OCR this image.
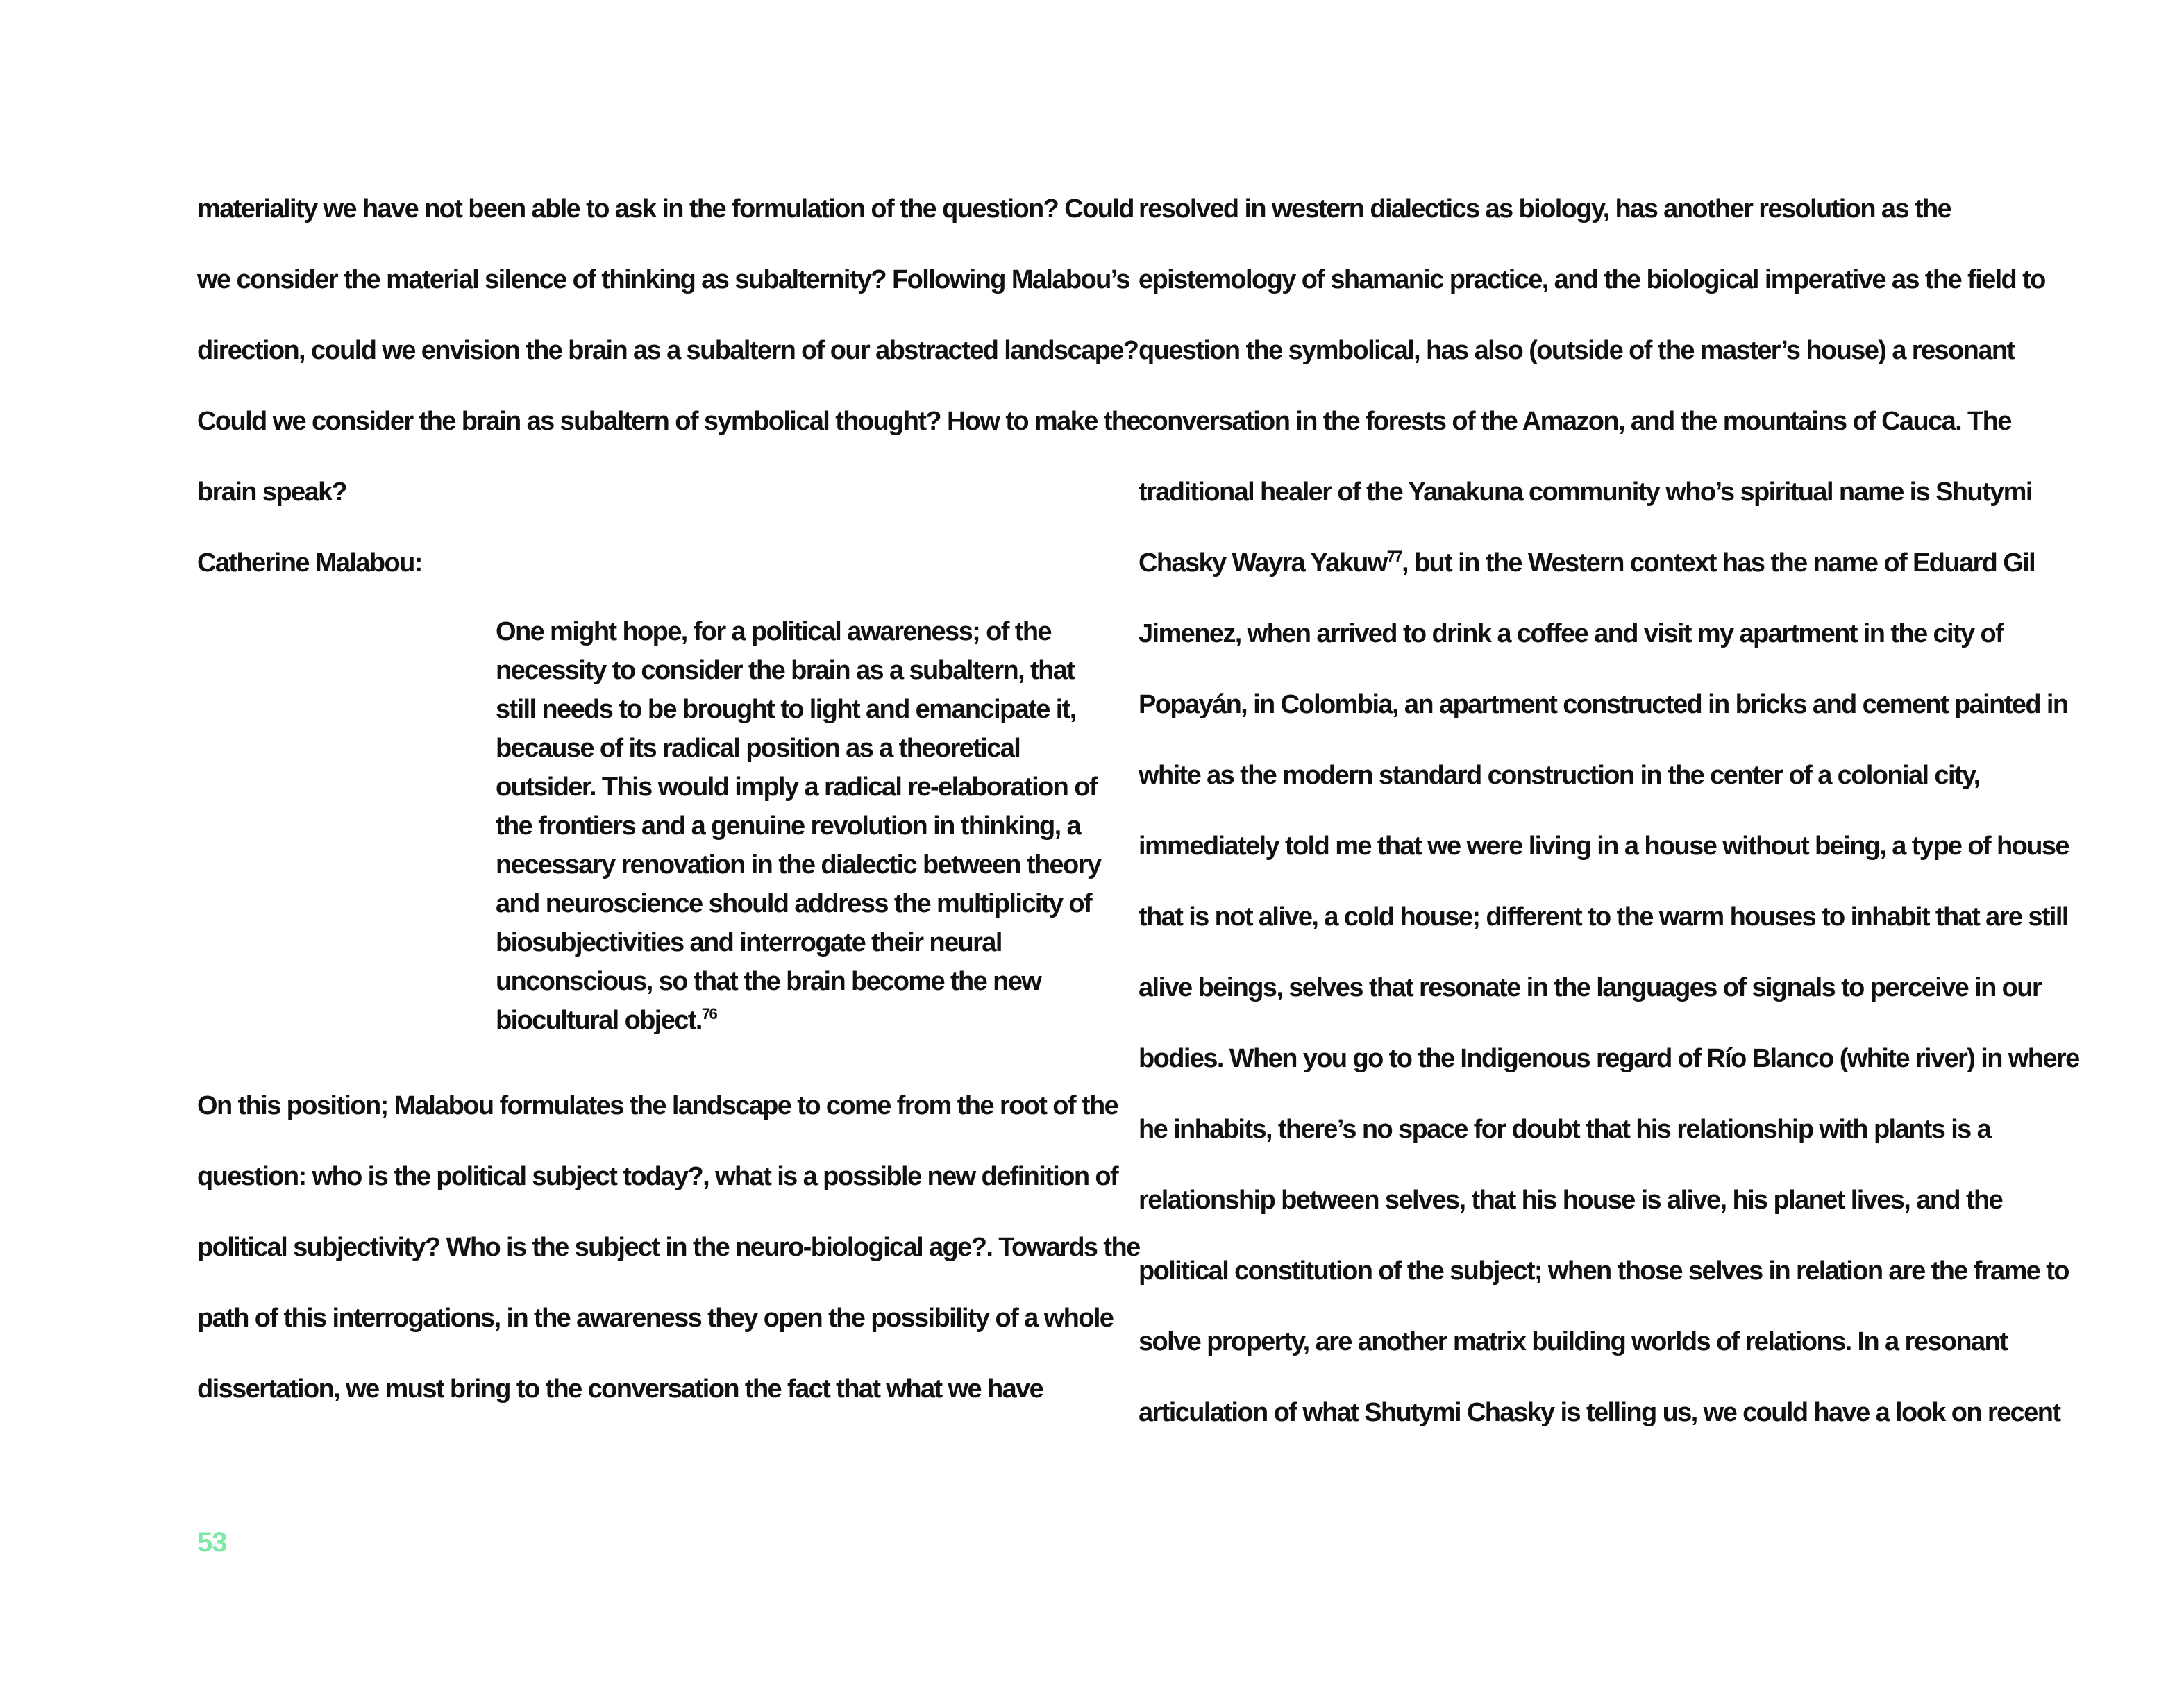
materiality we have not been able to ask in the formulation of the question? Could
we consider the material silence of thinking as subalternity? Following Malabou’s
direction, could we envision the brain as a subaltern of our abstracted landscape?
Could we consider the brain as subaltern of symbolical thought? How to make the
brain speak?
Catherine Malabou:
One might hope, for a political awareness; of the
necessity to consider the brain as a subaltern, that
still needs to be brought to light and emancipate it,
because of its radical position as a theoretical
outsider. This would imply a radical re-elaboration of
the frontiers and a genuine revolution in thinking, a
necessary renovation in the dialectic between theory
and neuroscience should address the multiplicity of
biosubjectivities and interrogate their neural
unconscious, so that the brain become the new
biocultural object.$^{76}$
On this position; Malabou formulates the landscape to come from the root of the
question: who is the political subject today?, what is a possible new definition of
political subjectivity? Who is the subject in the neuro-biological age?. Towards the
path of this interrogations, in the awareness they open the possibility of a whole
dissertation, we must bring to the conversation the fact that what we have
resolved in western dialectics as biology, has another resolution as the
epistemology of shamanic practice, and the biological imperative as the field to
question the symbolical, has also (outside of the master’s house) a resonant
conversation in the forests of the Amazon, and the mountains of Cauca. The
traditional healer of the Yanakuna community who’s spiritual name is Shutymi
Chasky Wayra Yakuw$^{77}$, but in the Western context has the name of Eduard Gil
Jimenez, when arrived to drink a coffee and visit my apartment in the city of
Popayán, in Colombia, an apartment constructed in bricks and cement painted in
white as the modern standard construction in the center of a colonial city,
immediately told me that we were living in a house without being, a type of house
that is not alive, a cold house; different to the warm houses to inhabit that are still
alive beings, selves that resonate in the languages of signals to perceive in our
bodies. When you go to the Indigenous regard of Río Blanco (white river) in where
he inhabits, there’s no space for doubt that his relationship with plants is a
relationship between selves, that his house is alive, his planet lives, and the
political constitution of the subject; when those selves in relation are the frame to
solve property, are another matrix building worlds of relations. In a resonant
articulation of what Shutymi Chasky is telling us, we could have a look on recent
53
